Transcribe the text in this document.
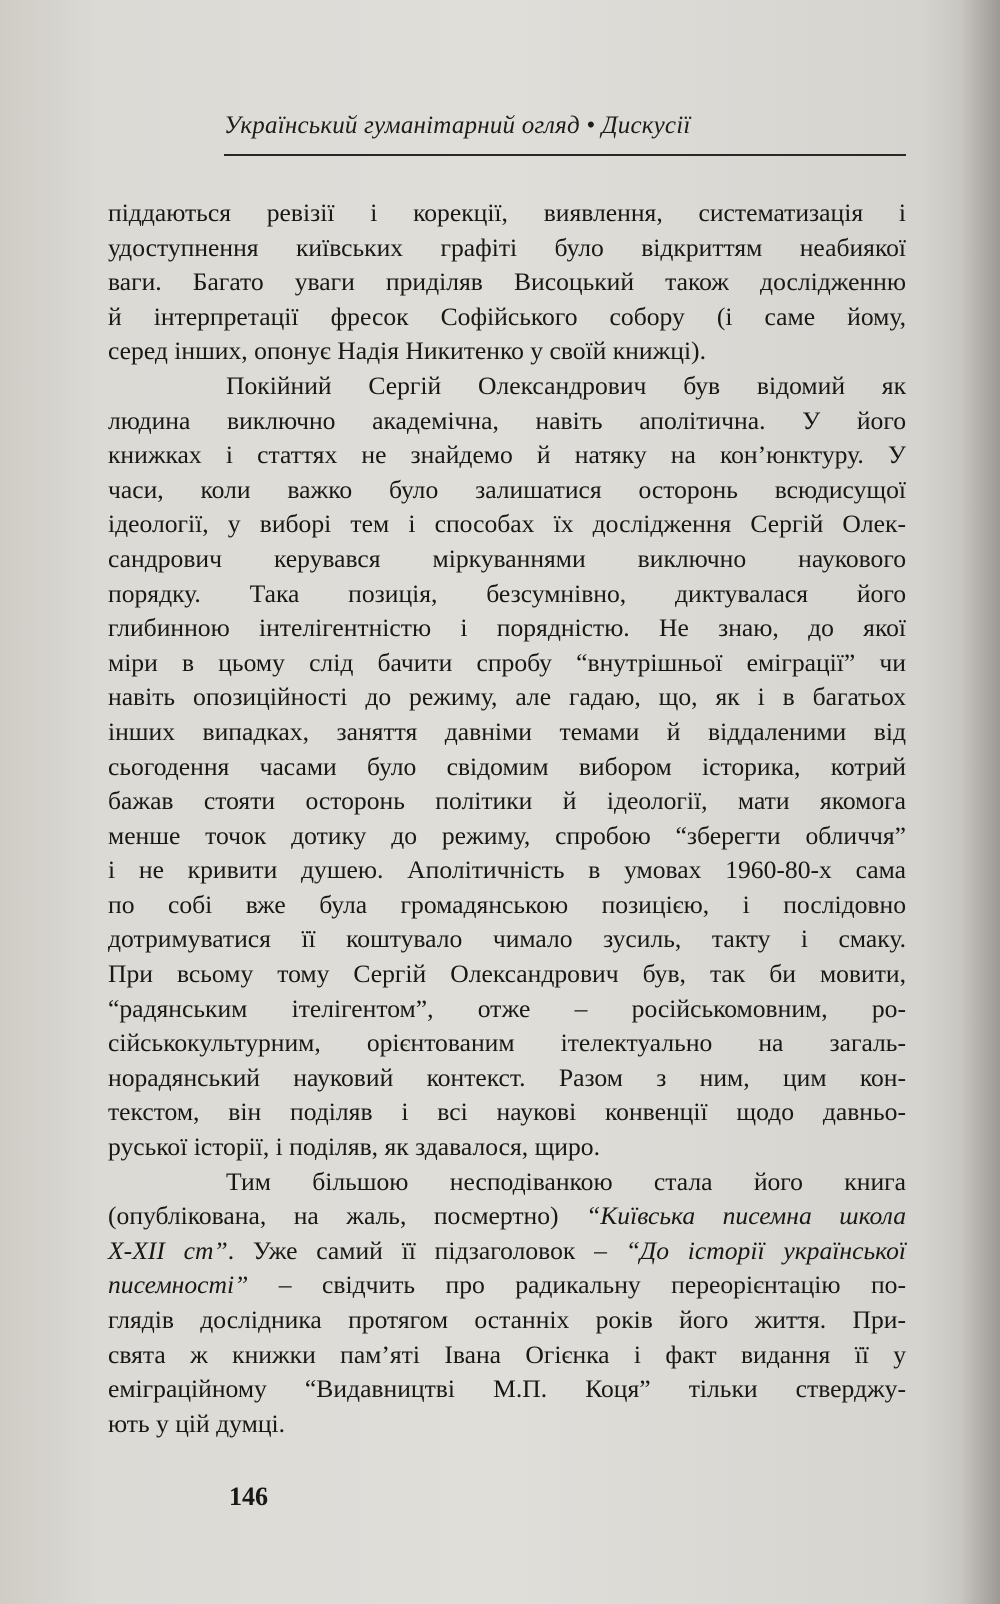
Український гуманітарний огляд • Дискусії
піддаються ревізії і корекції, виявлення, систематизація і
удоступнення київських графіті було відкриттям неабиякої
ваги. Багато уваги приділяв Висоцький також дослідженню
й інтерпретації фресок Софійського собору (і саме йому,
серед інших, опонує Надія Никитенко у своїй книжці).
Покійний Сергій Олександрович був відомий як
людина виключно академічна, навіть аполітична. У його
книжках і статтях не знайдемо й натяку на кон’юнктуру. У
часи, коли важко було залишатися осторонь всюдисущої
ідеології, у виборі тем і способах їх дослідження Сергій Олек-
сандрович керувався міркуваннями виключно наукового
порядку. Така позиція, безсумнівно, диктувалася його
глибинною інтелігентністю і порядністю. Не знаю, до якої
міри в цьому слід бачити спробу “внутрішньої еміграції” чи
навіть опозиційності до режиму, але гадаю, що, як і в багатьох
інших випадках, заняття давніми темами й віддаленими від
сьогодення часами було свідомим вибором історика, котрий
бажав стояти осторонь політики й ідеології, мати якомога
менше точок дотику до режиму, спробою “зберегти обличчя”
і не кривити душею. Аполітичність в умовах 1960-80-х сама
по собі вже була громадянською позицією, і послідовно
дотримуватися її коштувало чимало зусиль, такту і смаку.
При всьому тому Сергій Олександрович був, так би мовити,
“радянським ітелігентом”, отже – російськомовним, ро-
сійськокультурним, орієнтованим ітелектуально на загаль-
норадянський науковий контекст. Разом з ним, цим кон-
текстом, він поділяв і всі наукові конвенції щодо давньо-
руської історії, і поділяв, як здавалося, щиро.
Тим більшою несподіванкою стала його книга
(опублікована, на жаль, посмертно) “Київська писемна школа
Х-ХІІ ст”. Уже самий її підзаголовок – “До історії української
писемності” – свідчить про радикальну переорієнтацію по-
глядів дослідника протягом останніх років його життя. При-
свята ж книжки пам’яті Івана Огієнка і факт видання її у
еміграційному “Видавництві М.П. Коця” тільки стверджу-
ють у цій думці.
146
